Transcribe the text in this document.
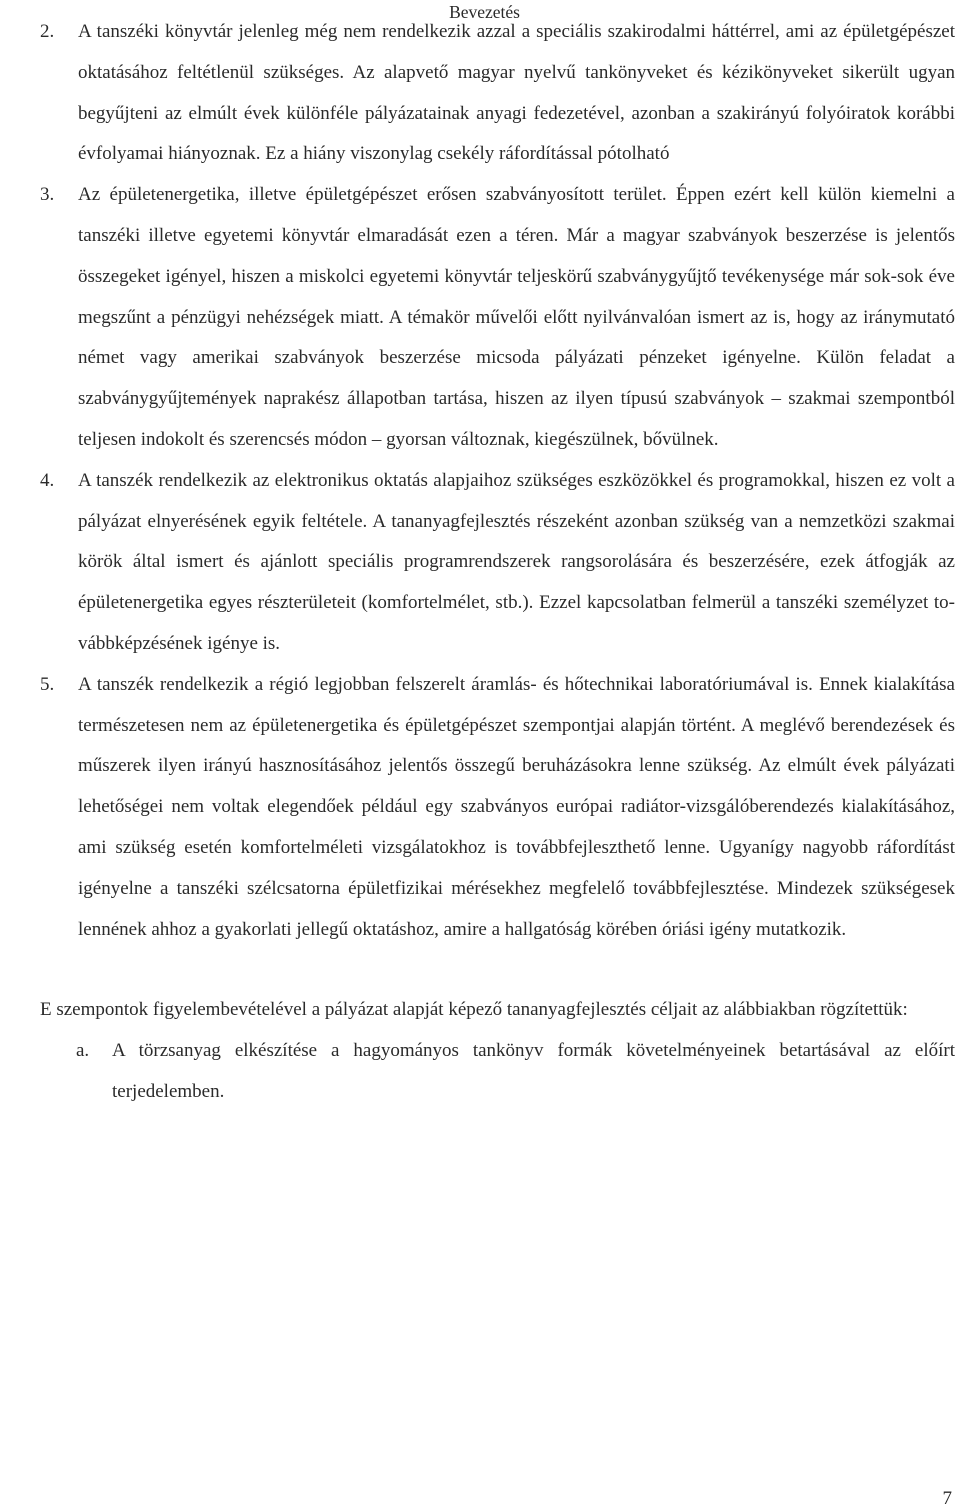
Bevezetés
2. A tanszéki könyvtár jelenleg még nem rendelkezik azzal a speciális szakirodalmi háttérrel, ami az épületgépészet oktatásához feltétlenül szükséges. Az alapvető magyar nyelvű tankönyveket és kézikönyveket sikerült ugyan begyűjteni az elmúlt évek különféle pályázatainak anyagi fedezetével, azonban a szakirányú folyóiratok korábbi évfolyamai hiányoznak. Ez a hiány viszonylag csekély ráfordítással pótolható
3. Az épületenergetika, illetve épületgépészet erősen szabványosított terület. Éppen ezért kell külön kiemelni a tanszéki illetve egyetemi könyvtár elmaradását ezen a téren. Már a magyar szabványok beszerzése is jelentős összegeket igényel, hiszen a miskolci egyetemi könyvtár teljeskörű szabványgyűjtő tevékenysége már sok-sok éve megszűnt a pénzügyi nehézségek miatt. A témakör művelői előtt nyilvánvalóan ismert az is, hogy az iránymutató német vagy amerikai szabványok beszerzése micsoda pályázati pénzeket igényelne. Külön feladat a szabványgyűjtemények naprakész állapotban tartása, hiszen az ilyen típusú szabványok – szakmai szempontból teljesen indokolt és szerencsés módon – gyorsan változnak, kiegészülnek, bővülnek.
4. A tanszék rendelkezik az elektronikus oktatás alapjaihoz szükséges eszközökkel és programokkal, hiszen ez volt a pályázat elnyerésének egyik feltétele. A tananyagfejlesztés részeként azonban szükség van a nemzetközi szakmai körök által ismert és ajánlott speciális programrendszerek rangsorolására és beszerzésére, ezek átfogják az épületenergetika egyes részterületeit (komfortelmélet, stb.). Ezzel kapcsolatban felmerül a tanszéki személyzet továbbképzésének igénye is.
5. A tanszék rendelkezik a régió legjobban felszerelt áramlás- és hőtechnikai laboratóriumával is. Ennek kialakítása természetesen nem az épületenergetika és épületgépészet szempontjai alapján történt. A meglévő berendezések és műszerek ilyen irányú hasznosításához jelentős összegű beruházásokra lenne szükség. Az elmúlt évek pályázati lehetőségei nem voltak elegendőek például egy szabványos európai radiátor-vizsgálóberendezés kialakításához, ami szükség esetén komfortelméleti vizsgálatokhoz is továbbfejleszthető lenne. Ugyanígy nagyobb ráfordítást igényelne a tanszéki szélcsatorna épületfizikai mérésekhez megfelelő továbbfejlesztése. Mindezek szükségesek lennének ahhoz a gyakorlati jellegű oktatáshoz, amire a hallgatóság körében óriási igény mutatkozik.
E szempontok figyelembevételével a pályázat alapját képező tananyagfejlesztés céljait az alábbiakban rögzítettük:
a. A törzsanyag elkészítése a hagyományos tankönyv formák követelményeinek betartásával az előírt terjedelemben.
7
